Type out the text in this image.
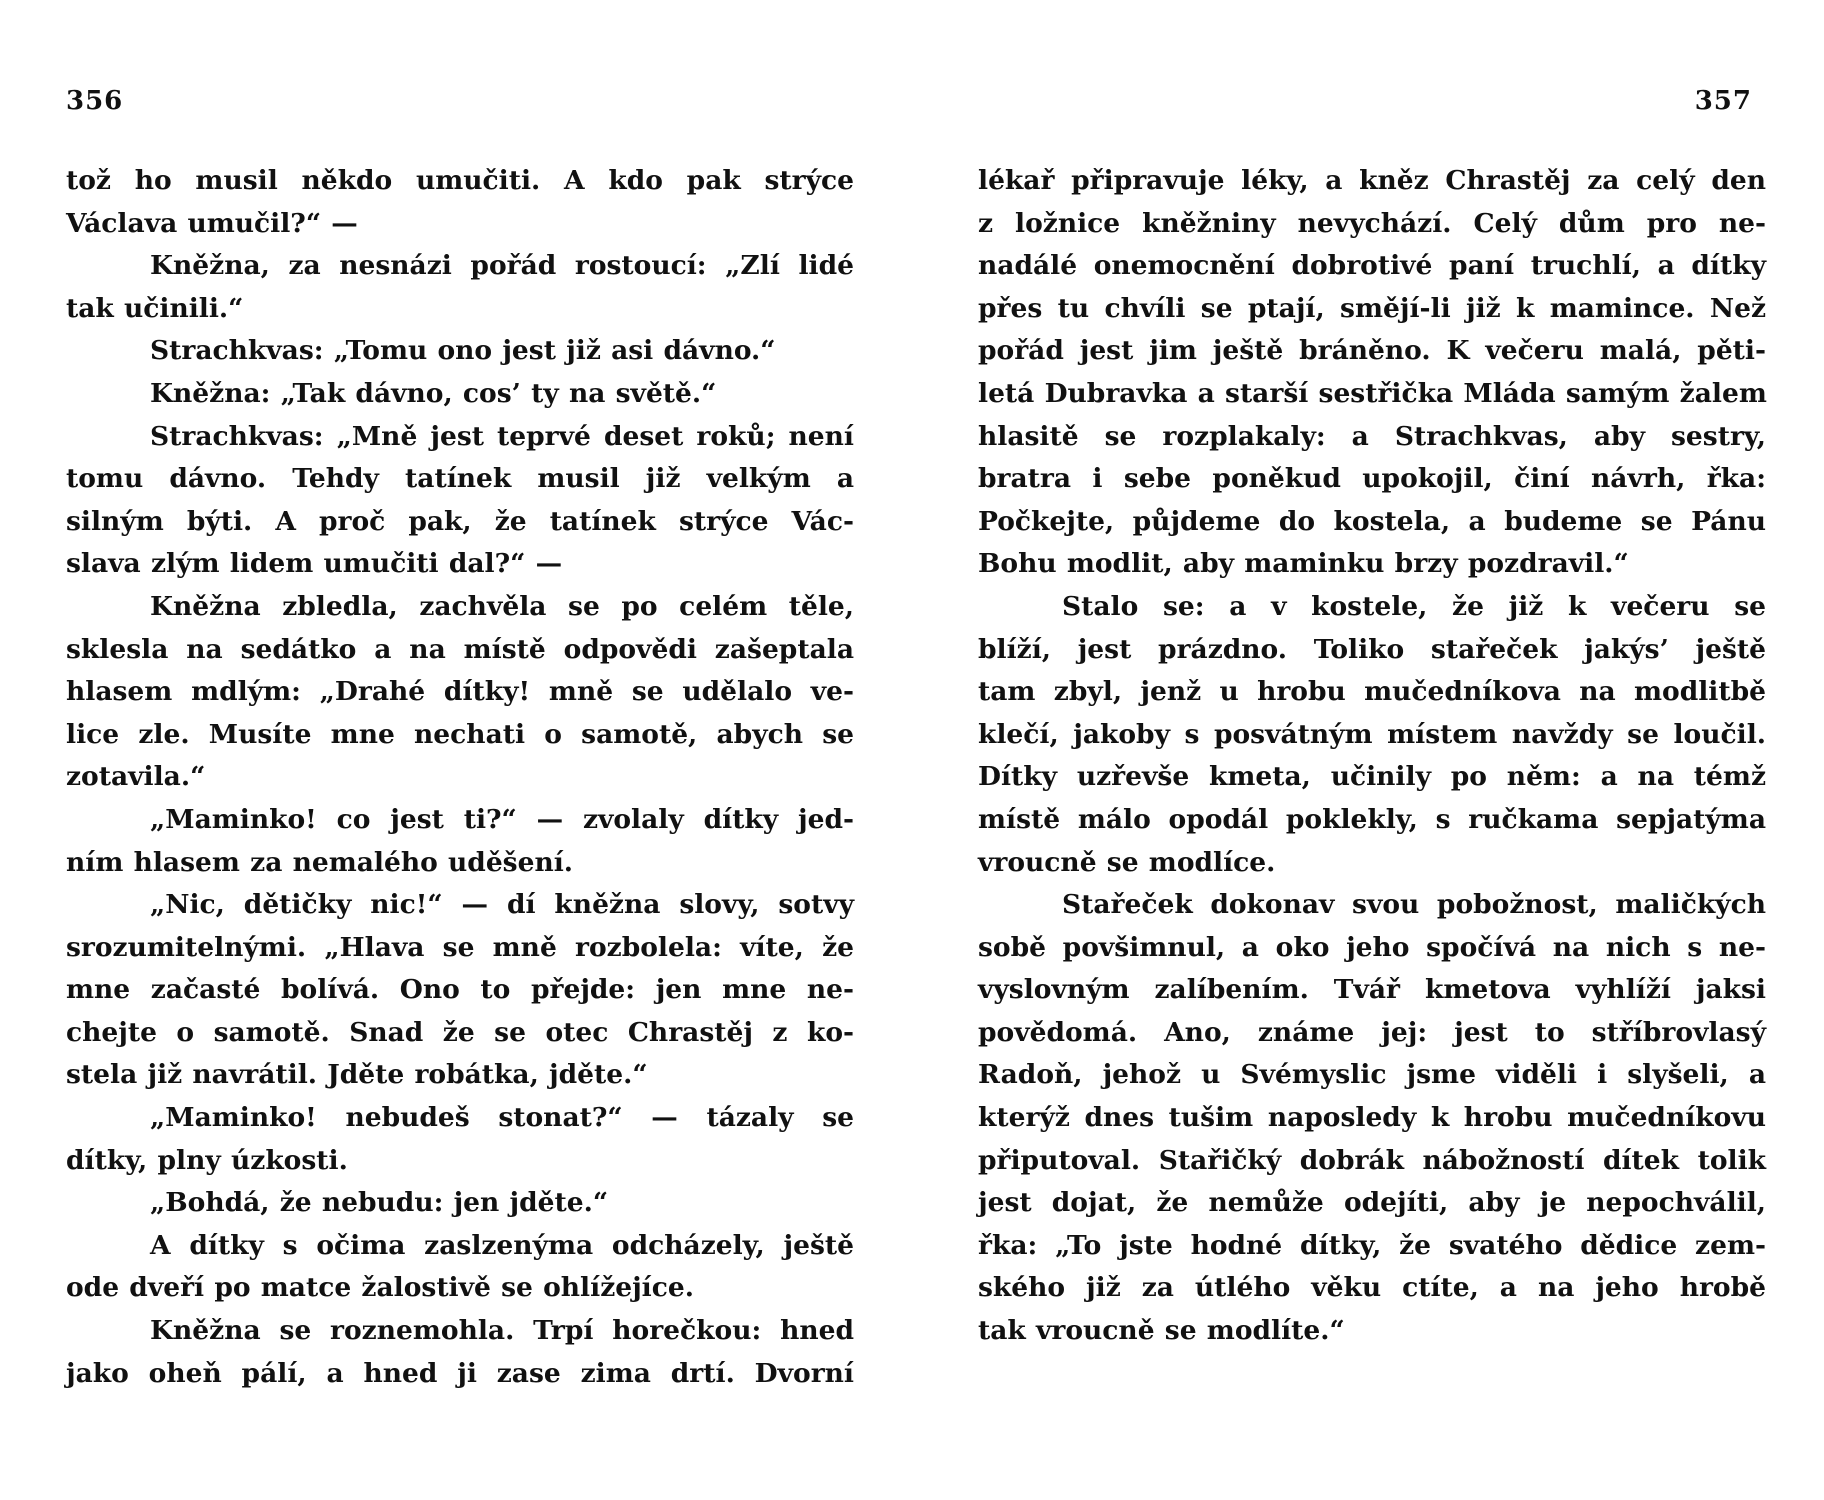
356
tož ho musil někdo umučiti. A kdo pak strýce
Václava umučil?“ —
Kněžna, za nesnázi pořád rostoucí: „Zlí lidé
tak učinili.“
Strachkvas: „Tomu ono jest již asi dávno.“
Kněžna: „Tak dávno, cos’ ty na světě.“
Strachkvas: „Mně jest teprvé deset roků; není
tomu dávno. Tehdy tatínek musil již velkým a
silným býti. A proč pak, že tatínek strýce Vác-
slava zlým lidem umučiti dal?“ —
Kněžna zbledla, zachvěla se po celém těle,
sklesla na sedátko a na místě odpovědi zašeptala
hlasem mdlým: „Drahé dítky! mně se udělalo ve-
lice zle. Musíte mne nechati o samotě, abych se
zotavila.“
„Maminko! co jest ti?“ — zvolaly dítky jed-
ním hlasem za nemalého uděšení.
„Nic, dětičky nic!“ — dí kněžna slovy, sotvy
srozumitelnými. „Hlava se mně rozbolela: víte, že
mne začasté bolívá. Ono to přejde: jen mne ne-
chejte o samotě. Snad že se otec Chrastěj z ko-
stela již navrátil. Jděte robátka, jděte.“
„Maminko! nebudeš stonat?“ — tázaly se
dítky, plny úzkosti.
„Bohdá, že nebudu: jen jděte.“
A dítky s očima zaslzenýma odcházely, ještě
ode dveří po matce žalostivě se ohlížejíce.
Kněžna se roznemohla. Trpí horečkou: hned
jako oheň pálí, a hned ji zase zima drtí. Dvorní
357
lékař připravuje léky, a kněz Chrastěj za celý den
z ložnice kněžniny nevychází. Celý dům pro ne-
nadálé onemocnění dobrotivé paní truchlí, a dítky
přes tu chvíli se ptají, smějí-li již k mamince. Než
pořád jest jim ještě bráněno. K večeru malá, pěti-
letá Dubravka a starší sestřička Mláda samým žalem
hlasitě se rozplakaly: a Strachkvas, aby sestry,
bratra i sebe poněkud upokojil, činí návrh, řka:
Počkejte, půjdeme do kostela, a budeme se Pánu
Bohu modlit, aby maminku brzy pozdravil.“
Stalo se: a v kostele, že již k večeru se
blíží, jest prázdno. Toliko stařeček jakýs’ ještě
tam zbyl, jenž u hrobu mučedníkova na modlitbě
klečí, jakoby s posvátným místem navždy se loučil.
Dítky uzřevše kmeta, učinily po něm: a na témž
místě málo opodál poklekly, s ručkama sepjatýma
vroucně se modlíce.
Stařeček dokonav svou pobožnost, maličkých
sobě povšimnul, a oko jeho spočívá na nich s ne-
vyslovným zalíbením. Tvář kmetova vyhlíží jaksi
povědomá. Ano, známe jej: jest to stříbrovlasý
Radoň, jehož u Svémyslic jsme viděli i slyšeli, a
kterýž dnes tušim naposledy k hrobu mučedníkovu
připutoval. Stařičký dobrák nábožností dítek tolik
jest dojat, že nemůže odejíti, aby je nepochválil,
řka: „To jste hodné dítky, že svatého dědice zem-
ského již za útlého věku ctíte, a na jeho hrobě
tak vroucně se modlíte.“
